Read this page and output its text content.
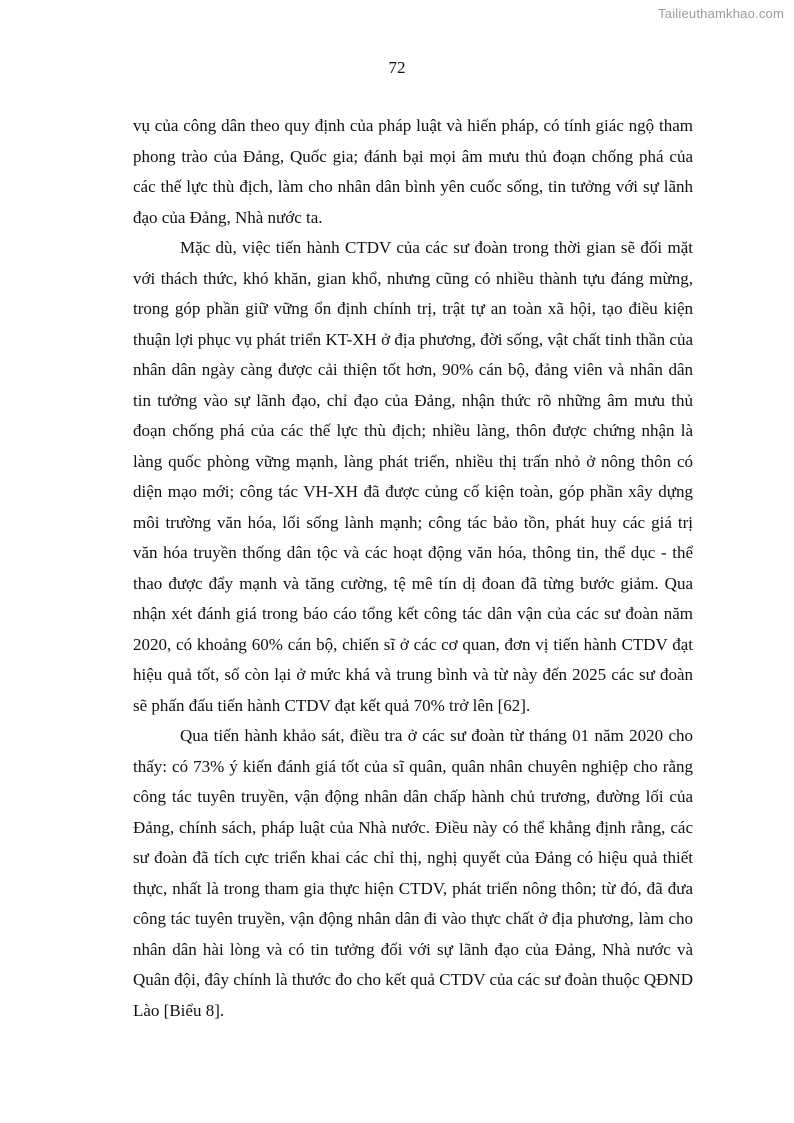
Tailieuthamkhao.com
72

vụ của công dân theo quy định của pháp luật và hiến pháp, có tính giác ngộ tham phong trào của Đảng, Quốc gia; đánh bại mọi âm mưu thủ đoạn chống phá của các thế lực thù địch, làm cho nhân dân bình yên cuốc sống, tin tưởng với sự lãnh đạo của Đảng, Nhà nước ta.

Mặc dù, việc tiến hành CTDV của các sư đoàn trong thời gian sẽ đối mặt với thách thức, khó khăn, gian khổ, nhưng cũng có nhiều thành tựu đáng mừng, trong góp phần giữ vững ổn định chính trị, trật tự an toàn xã hội, tạo điều kiện thuận lợi phục vụ phát triển KT-XH ở địa phương, đời sống, vật chất tinh thần của nhân dân ngày càng được cải thiện tốt hơn, 90% cán bộ, đảng viên và nhân dân tin tưởng vào sự lãnh đạo, chỉ đạo của Đảng, nhận thức rõ những âm mưu thủ đoạn chống phá của các thế lực thù địch; nhiều làng, thôn được chứng nhận là làng quốc phòng vững mạnh, làng phát triển, nhiều thị trấn nhỏ ở nông thôn có diện mạo mới; công tác VH-XH đã được củng cố kiện toàn, góp phần xây dựng môi trường văn hóa, lối sống lành mạnh; công tác bảo tồn, phát huy các giá trị văn hóa truyền thống dân tộc và các hoạt động văn hóa, thông tin, thể dục - thể thao được đẩy mạnh và tăng cường, tệ mê tín dị đoan đã từng bước giảm. Qua nhận xét đánh giá trong báo cáo tổng kết công tác dân vận của các sư đoàn năm 2020, có khoảng 60% cán bộ, chiến sĩ ở các cơ quan, đơn vị tiến hành CTDV đạt hiệu quả tốt, số còn lại ở mức khá và trung bình và từ này đến 2025 các sư đoàn sẽ phấn đấu tiến hành CTDV đạt kết quả 70% trở lên [62].

Qua tiến hành khảo sát, điều tra ở các sư đoàn từ tháng 01 năm 2020 cho thấy: có 73% ý kiến đánh giá tốt của sĩ quân, quân nhân chuyên nghiệp cho rằng công tác tuyên truyền, vận động nhân dân chấp hành chủ trương, đường lối của Đảng, chính sách, pháp luật của Nhà nước. Điều này có thể khẳng định rằng, các sư đoàn đã tích cực triển khai các chỉ thị, nghị quyết của Đảng có hiệu quả thiết thực, nhất là trong tham gia thực hiện CTDV, phát triển nông thôn; từ đó, đã đưa công tác tuyên truyền, vận động nhân dân đi vào thực chất ở địa phương, làm cho nhân dân hài lòng và có tin tưởng đối với sự lãnh đạo của Đảng, Nhà nước và Quân đội, đây chính là thước đo cho kết quả CTDV của các sư đoàn thuộc QĐND Lào [Biểu 8].
